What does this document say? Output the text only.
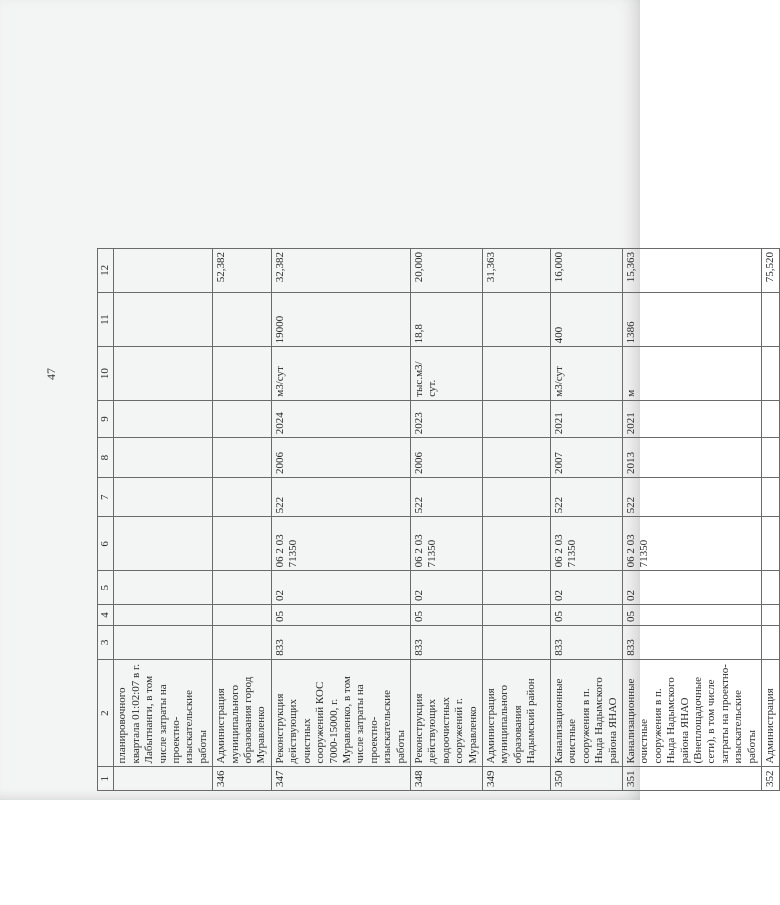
47
1	2	3	4	5	6	7	8	9	10	11	12
	планировочного квартала 01:02:07 в г. Лабытнанги, в том числе затраты на проектно-изыскательские работы										
346	Администрация муниципального образования город Муравленко										52,382
347	Реконструкция действующих очистных сооружений КОС 7000-15000, г. Муравленко, в том числе затраты на проектно-изыскательские работы	833	05	02	06 2 03 71350	522	2006	2024	м3/сут	19000	32,382
348	Реконструкция действующих водоочистных сооружений г. Муравленко	833	05	02	06 2 03 71350	522	2006	2023	тыс.м3/ сут.	18,8	20,000
349	Администрация муниципального образования Надымский район										31,363
350	Канализационные очистные сооружения в п. Ныда Надымского района ЯНАО	833	05	02	06 2 03 71350	522	2007	2021	м3/сут	400	16,000
351	Канализационные очистные сооружения в п. Ныда Надымского района ЯНАО (Внеплощадочные сети), в том числе затраты на проектно-изыскательские работы	833	05	02	06 2 03 71350	522	2013	2021	м	1386	15,363
352	Администрация										75,520
